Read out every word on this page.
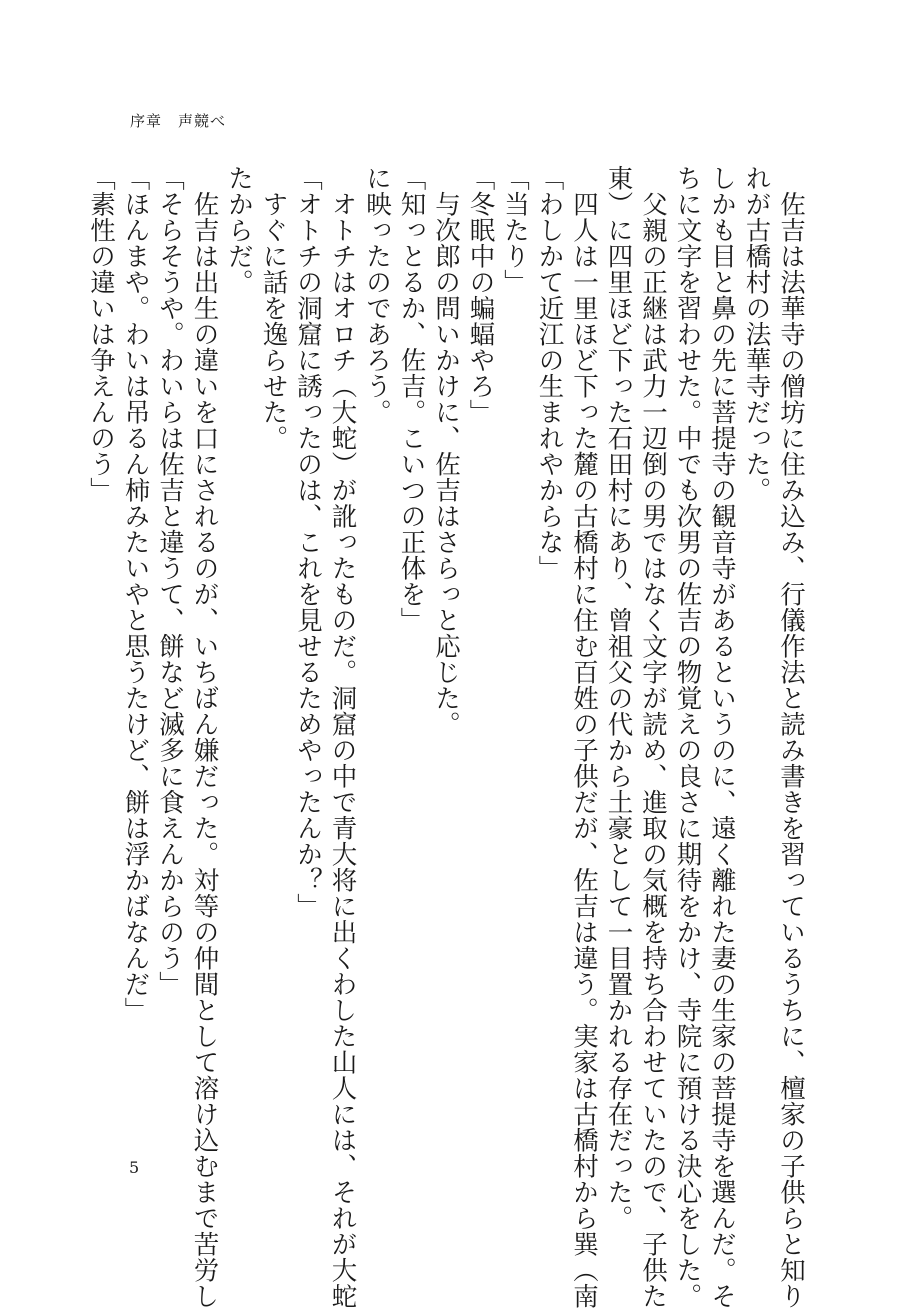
序章　声競べ

佐吉は法華寺の僧坊に住み込み、行儀作法と読み書きを習っているうちに、檀家の子供らと知り

れが古橋村の法華寺だった。

しかも目と鼻の先に菩提寺の観音寺があるというのに、遠く離れた妻の生家の菩提寺を選んだ。そ

ちに文字を習わせた。中でも次男の佐吉の物覚えの良さに期待をかけ、寺院に預ける決心をした。

父親の正継は武力一辺倒の男ではなく文字が読め、進取の気概を持ち合わせていたので、子供た

東）に四里ほど下った石田村にあり、曾祖父の代から土豪として一目置かれる存在だった。

四人は一里ほど下った麓の古橋村に住む百姓の子供だが、佐吉は違う。実家は古橋村から巽（南

「わしかて近江の生まれやからな」

「当たり」

「冬眠中の蝙蝠やろ」

与次郎の問いかけに、佐吉はさらっと応じた。

「知っとるか、佐吉。こいつの正体を」

に映ったのであろう。

オトチはオロチ（大蛇）が訛ったものだ。洞窟の中で青大将に出くわした山人には、それが大蛇

「オトチの洞窟に誘ったのは、これを見せるためやったんか？」

すぐに話を逸らせた。

たからだ。

佐吉は出生の違いを口にされるのが、いちばん嫌だった。対等の仲間として溶け込むまで苦労し

「そらそうや。わいらは佐吉と違うて、餅など滅多に食えんからのう」

「ほんまや。わいは吊るん柿みたいやと思うたけど、餅は浮かばなんだ」

「素性の違いは争えんのう」

5
